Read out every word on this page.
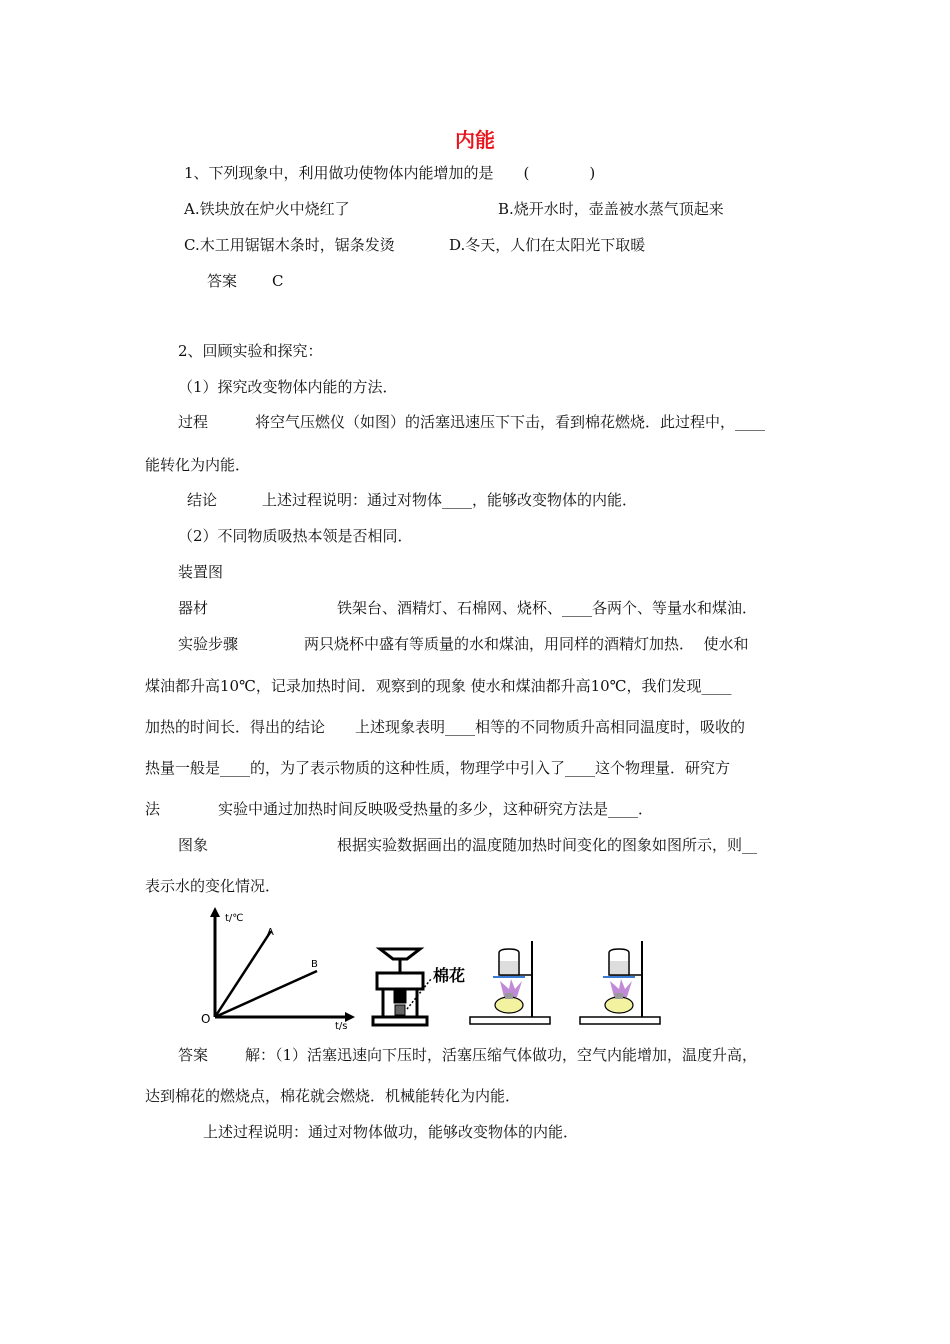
内能
1、下列现象中，利用做功使物体内能增加的是　　(　　　　)
A.铁块放在炉火中烧红了	B.烧开水时，壶盖被水蒸气顶起来
C.木工用锯锯木条时，锯条发烫	D.冬天，人们在太阳光下取暖
答案 C
2、回顾实验和探究：
（1）探究改变物体内能的方法．
过程	将空气压燃仪（如图）的活塞迅速压下下击，看到棉花燃烧．此过程中，____
能转化为内能．
结论	上述过程说明：通过对物体____，能够改变物体的内能．
（2）不同物质吸热本领是否相同．
装置图
器材	铁架台、酒精灯、石棉网、烧杯、____各两个、等量水和煤油．
实验步骤	两只烧杯中盛有等质量的水和煤油，用同样的酒精灯加热．  使水和
煤油都升高10℃，记录加热时间．观察到的现象 使水和煤油都升高10℃，我们发现____
加热的时间长．得出的结论　　上述现象表明____相等的不同物质升高相同温度时，吸收的
热量一般是____的，为了表示物质的这种性质，物理学中引入了____这个物理量．研究方
法	实验中通过加热时间反映吸受热量的多少，这种研究方法是____．
图象	根据实验数据画出的温度随加热时间变化的图象如图所示，则__
表示水的变化情况．
t/℃
t/s
O
A
B
棉花
答案 解：（1）活塞迅速向下压时，活塞压缩气体做功，空气内能增加，温度升高，
达到棉花的燃烧点，棉花就会燃烧．机械能转化为内能．
上述过程说明：通过对物体做功，能够改变物体的内能．
